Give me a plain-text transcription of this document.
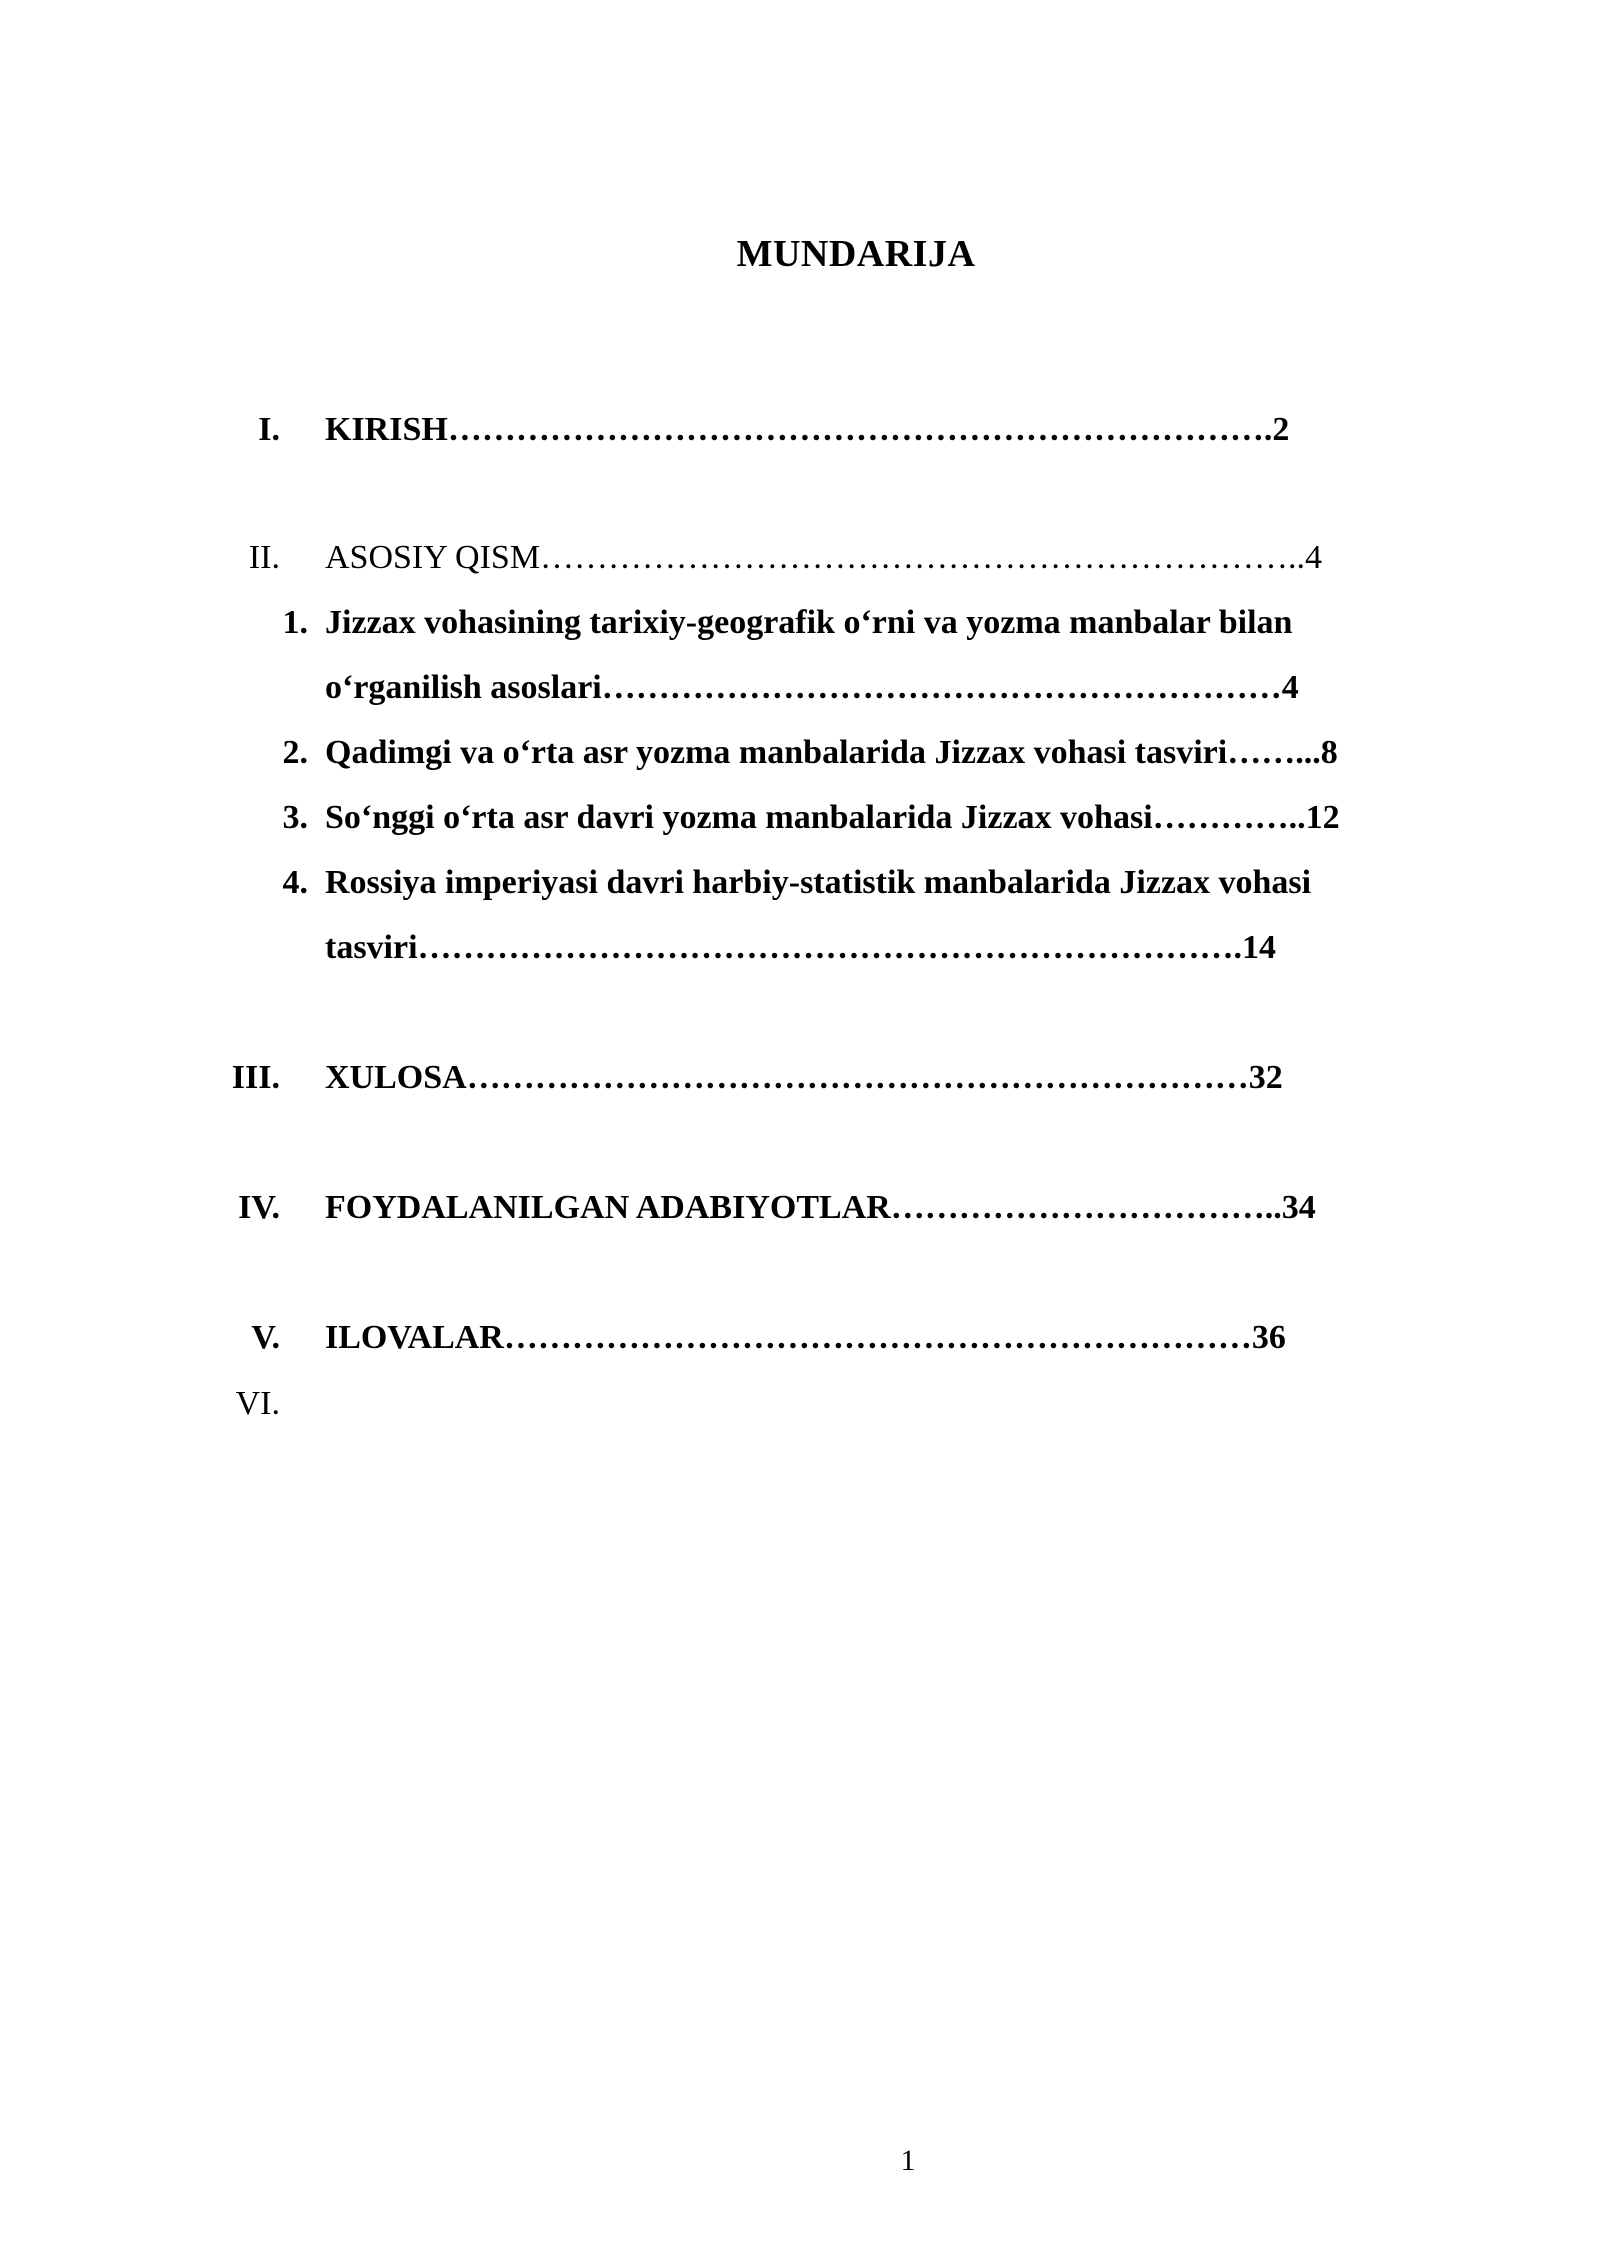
MUNDARIJA
I. KIRISH……………………………………………………………….2
II. ASOSIY QISM…………………………………………………………..4
1. Jizzax vohasining tarixiy-geografik o‘rni va yozma manbalar bilan
o‘rganilish asoslari……………………………………………………4
2. Qadimgi va o‘rta asr yozma manbalarida Jizzax vohasi tasviri……...8
3. So‘nggi o‘rta asr davri yozma manbalarida Jizzax vohasi…………..12
4. Rossiya imperiyasi davri harbiy-statistik manbalarida Jizzax vohasi
tasviri……………………………………………………………….14
III. XULOSA……………………………………………………………32
IV. FOYDALANILGAN ADABIYOTLAR……………………………..34
V. ILOVALAR…………………………………………………………36
VI.
1
